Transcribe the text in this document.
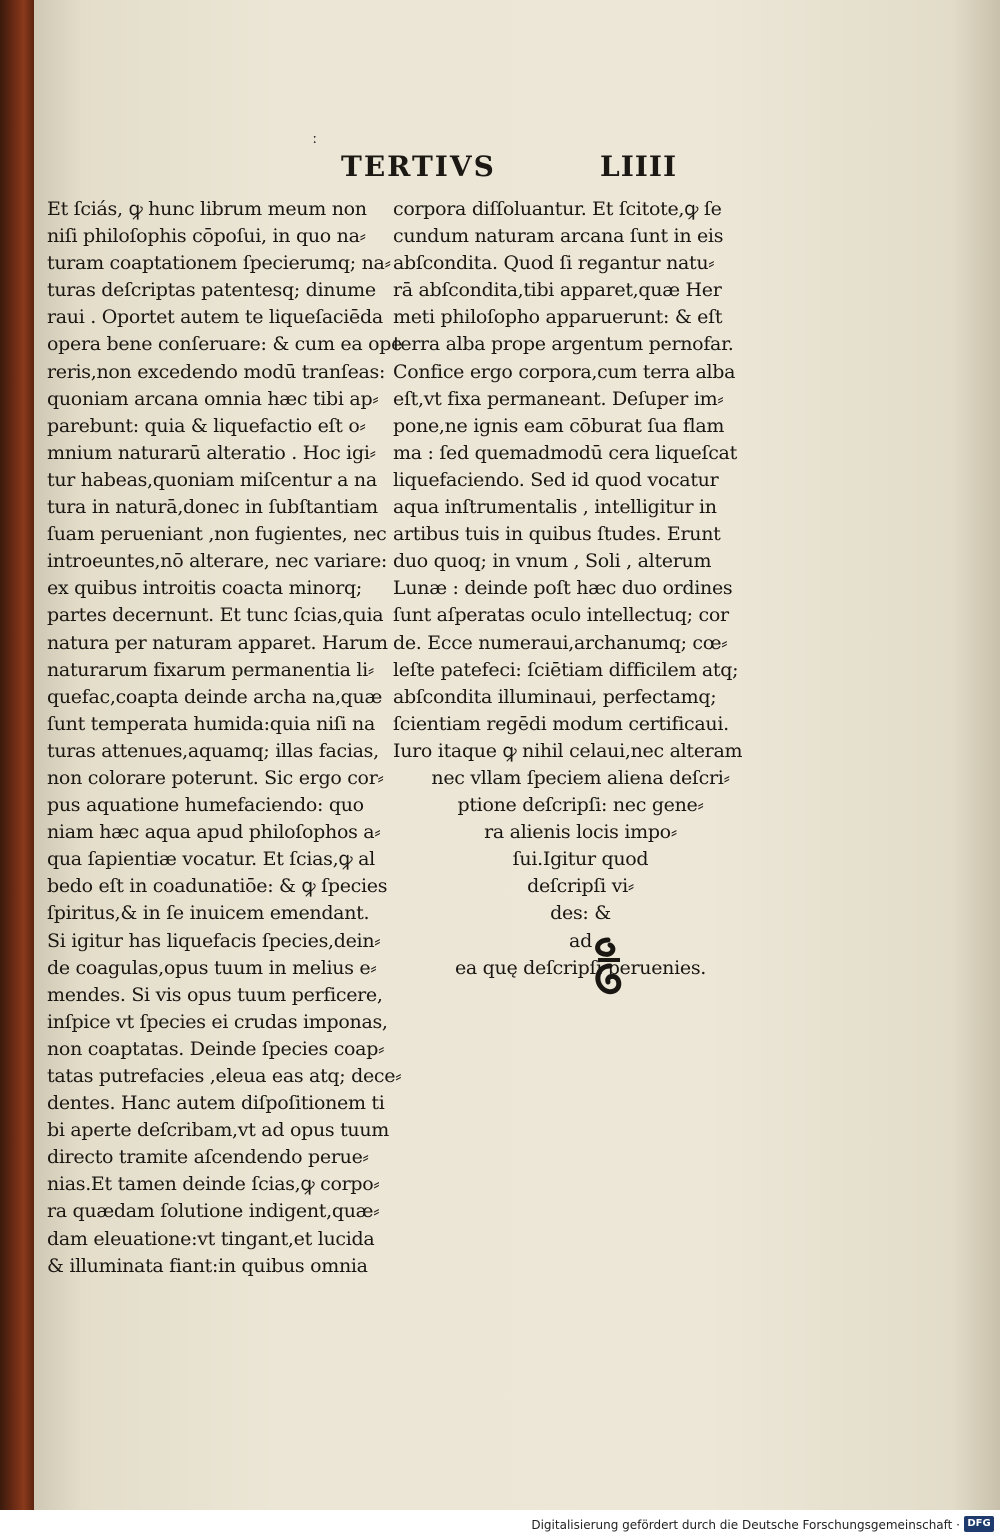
ː
TERTIVS	LIIII
Et ſciás, ꝙ hunc librum meum non
niſi philoſophis cōpoſui, in quo na⸗
turam coaptationem ſpecierumq; na⸗
turas deſcriptas patentesq; dinume
raui . Oportet autem te liqueſaciēda
opera bene conſeruare: & cum ea ope
reris,non excedendo modū tranſeas:
quoniam arcana omnia hæc tibi ap⸗
parebunt: quia & liquefactio eſt o⸗
mnium naturarū alteratio . Hoc igi⸗
tur habeas,quoniam miſcentur a na
tura in naturā,donec in ſubſtantiam
ſuam perueniant ,non fugientes, nec
introeuntes,nō alterare, nec variare:
ex quibus introitis coacta minorq;
partes decernunt. Et tunc ſcias,quia
natura per naturam apparet. Harum
naturarum fixarum permanentia li⸗
quefac,coapta deinde archa na,quæ
ſunt temperata humida:quia niſi na
turas attenues,aquamq; illas facias,
non colorare poterunt. Sic ergo cor⸗
pus aquatione humefaciendo: quo
niam hæc aqua apud philoſophos a⸗
qua ſapientiæ vocatur. Et ſcias,ꝙ al
bedo eſt in coadunatiōe: & ꝙ ſpecies
ſpiritus,& in ſe inuicem emendant.
Si igitur has liquefacis ſpecies,dein⸗
de coagulas,opus tuum in melius e⸗
mendes. Si vis opus tuum perficere,
inſpice vt ſpecies ei crudas imponas,
non coaptatas. Deinde ſpecies coap⸗
tatas putrefacies ,eleua eas atq; dece⸗
dentes. Hanc autem diſpoſitionem ti
bi aperte deſcribam,vt ad opus tuum
directo tramite aſcendendo perue⸗
nias.Et tamen deinde ſcias,ꝙ corpo⸗
ra quædam ſolutione indigent,quæ⸗
dam eleuatione:vt tingant,et lucida
& illuminata fiant:in quibus omnia
corpora diſſoluantur. Et ſcitote,ꝙ ſe
cundum naturam arcana ſunt in eis
abſcondita. Quod ſi regantur natu⸗
rā abſcondita,tibi apparet,quæ Her
meti philoſopho apparuerunt: & eſt
terra alba prope argentum pernofar.
Confice ergo corpora,cum terra alba
eſt,vt fixa permaneant. Deſuper im⸗
pone,ne ignis eam cōburat ſua flam
ma : ſed quemadmodū cera liqueſcat
liquefaciendo. Sed id quod vocatur
aqua inſtrumentalis , intelligitur in
artibus tuis in quibus ſtudes. Erunt
duo quoq; in vnum , Soli , alterum
Lunæ : deinde poſt hæc duo ordines
ſunt aſperatas oculo intellectuq; cor
de. Ecce numeraui,archanumq; cœ⸗
leſte patefeci: ſciētiam difficilem atq;
abſcondita illuminaui, perfectamq;
ſcientiam regēdi modum certificaui.
Iuro itaque ꝙ nihil celaui,nec alteram
nec vllam ſpeciem aliena deſcri⸗
ptione deſcripſi: nec gene⸗
ra alienis locis impo⸗
ſui.Igitur quod
deſcripſi vi⸗
des: &
ad
ea quę deſcripſi peruenies.
Digitalisierung gefördert durch die Deutsche Forschungsgemeinschaft · DFG
